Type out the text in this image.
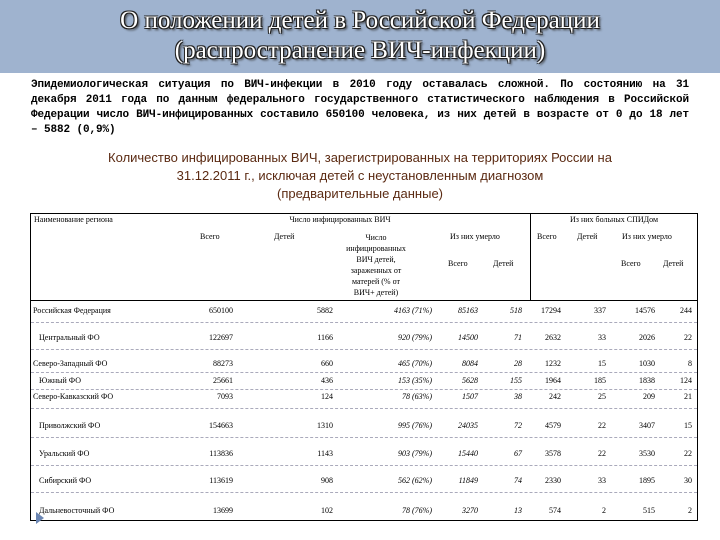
О положении детей в Российской Федерации
(распространение ВИЧ-инфекции)
Эпидемиологическая ситуация по ВИЧ-инфекции в 2010 году оставалась сложной. По состоянию на 31 декабря 2011 года по данным федерального государственного статистического наблюдения в Российской Федерации число ВИЧ-инфицированных составило 650100 человека, из них детей в возрасте от 0 до 18 лет – 5882 (0,9%)
Количество инфицированных ВИЧ, зарегистрированных на территориях России на
31.12.2011 г., исключая детей с неустановленным диагнозом
(предварительные данные)
Наименование региона	Число инфицированных ВИЧ
Всего	Детей	Число
инфицированных
ВИЧ детей,
зараженных от
матерей (% от
ВИЧ+ детей)
Из них умерло
Всего	Детей
Из них больных СПИДом
Всего	Детей	Из них умерло
Всего	Детей
Российская Федерация	650100	5882	4163 (71%)	85163	518	17294	337	14576	244
Центральный ФО	122697	1166	920 (79%)	14500	71	2632	33	2026	22
Северо-Западный ФО	88273	660	465 (70%)	8084	28	1232	15	1030	8
Южный ФО	25661	436	153 (35%)	5628	155	1964	185	1838	124
Северо-Кавказский ФО	7093	124	78 (63%)	1507	38	242	25	209	21
Приволжский ФО	154663	1310	995 (76%)	24035	72	4579	22	3407	15
Уральский ФО	113836	1143	903 (79%)	15440	67	3578	22	3530	22
Сибирский ФО	113619	908	562 (62%)	11849	74	2330	33	1895	30
Дальневосточный ФО	13699	102	78 (76%)	3270	13	574	2	515	2
